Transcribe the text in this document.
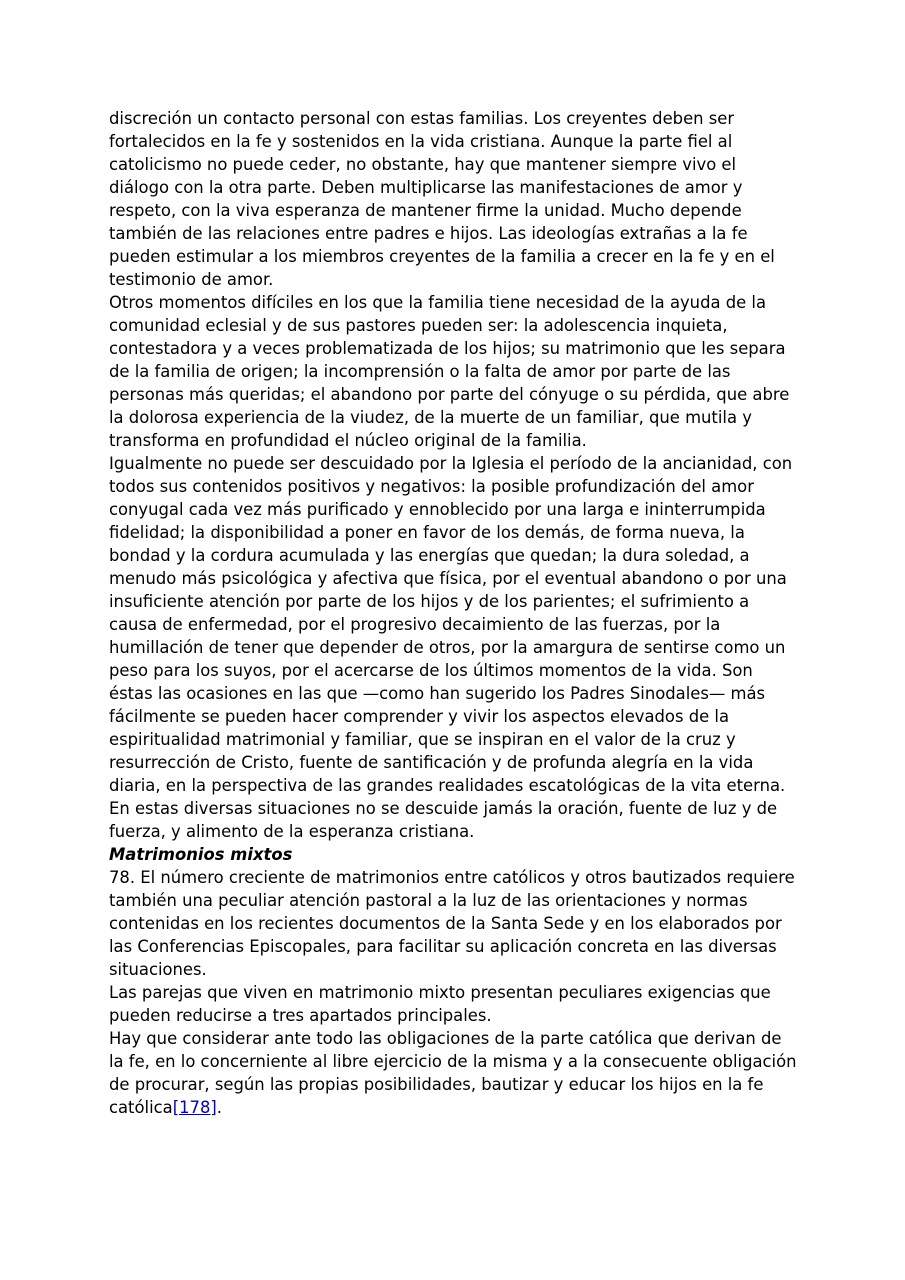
discreción un contacto personal con estas familias. Los creyentes deben ser fortalecidos en la fe y sostenidos en la vida cristiana. Aunque la parte fiel al catolicismo no puede ceder, no obstante, hay que mantener siempre vivo el diálogo con la otra parte. Deben multiplicarse las manifestaciones de amor y respeto, con la viva esperanza de mantener firme la unidad. Mucho depende también de las relaciones entre padres e hijos. Las ideologías extrañas a la fe pueden estimular a los miembros creyentes de la familia a crecer en la fe y en el testimonio de amor.

Otros momentos difíciles en los que la familia tiene necesidad de la ayuda de la comunidad eclesial y de sus pastores pueden ser: la adolescencia inquieta, contestadora y a veces problematizada de los hijos; su matrimonio que les separa de la familia de origen; la incomprensión o la falta de amor por parte de las personas más queridas; el abandono por parte del cónyuge o su pérdida, que abre la dolorosa experiencia de la viudez, de la muerte de un familiar, que mutila y transforma en profundidad el núcleo original de la familia.

Igualmente no puede ser descuidado por la Iglesia el período de la ancianidad, con todos sus contenidos positivos y negativos: la posible profundización del amor conyugal cada vez más purificado y ennoblecido por una larga e ininterrumpida fidelidad; la disponibilidad a poner en favor de los demás, de forma nueva, la bondad y la cordura acumulada y las energías que quedan; la dura soledad, a menudo más psicológica y afectiva que física, por el eventual abandono o por una insuficiente atención por parte de los hijos y de los parientes; el sufrimiento a causa de enfermedad, por el progresivo decaimiento de las fuerzas, por la humillación de tener que depender de otros, por la amargura de sentirse como un peso para los suyos, por el acercarse de los últimos momentos de la vida. Son éstas las ocasiones en las que —como han sugerido los Padres Sinodales— más fácilmente se pueden hacer comprender y vivir los aspectos elevados de la espiritualidad matrimonial y familiar, que se inspiran en el valor de la cruz y resurrección de Cristo, fuente de santificación y de profunda alegría en la vida diaria, en la perspectiva de las grandes realidades escatológicas de la vita eterna.

En estas diversas situaciones no se descuide jamás la oración, fuente de luz y de fuerza, y alimento de la esperanza cristiana.

Matrimonios mixtos

78. El número creciente de matrimonios entre católicos y otros bautizados requiere también una peculiar atención pastoral a la luz de las orientaciones y normas contenidas en los recientes documentos de la Santa Sede y en los elaborados por las Conferencias Episcopales, para facilitar su aplicación concreta en las diversas situaciones.

Las parejas que viven en matrimonio mixto presentan peculiares exigencias que pueden reducirse a tres apartados principales.

Hay que considerar ante todo las obligaciones de la parte católica que derivan de la fe, en lo concerniente al libre ejercicio de la misma y a la consecuente obligación de procurar, según las propias posibilidades, bautizar y educar los hijos en la fe católica[178].
